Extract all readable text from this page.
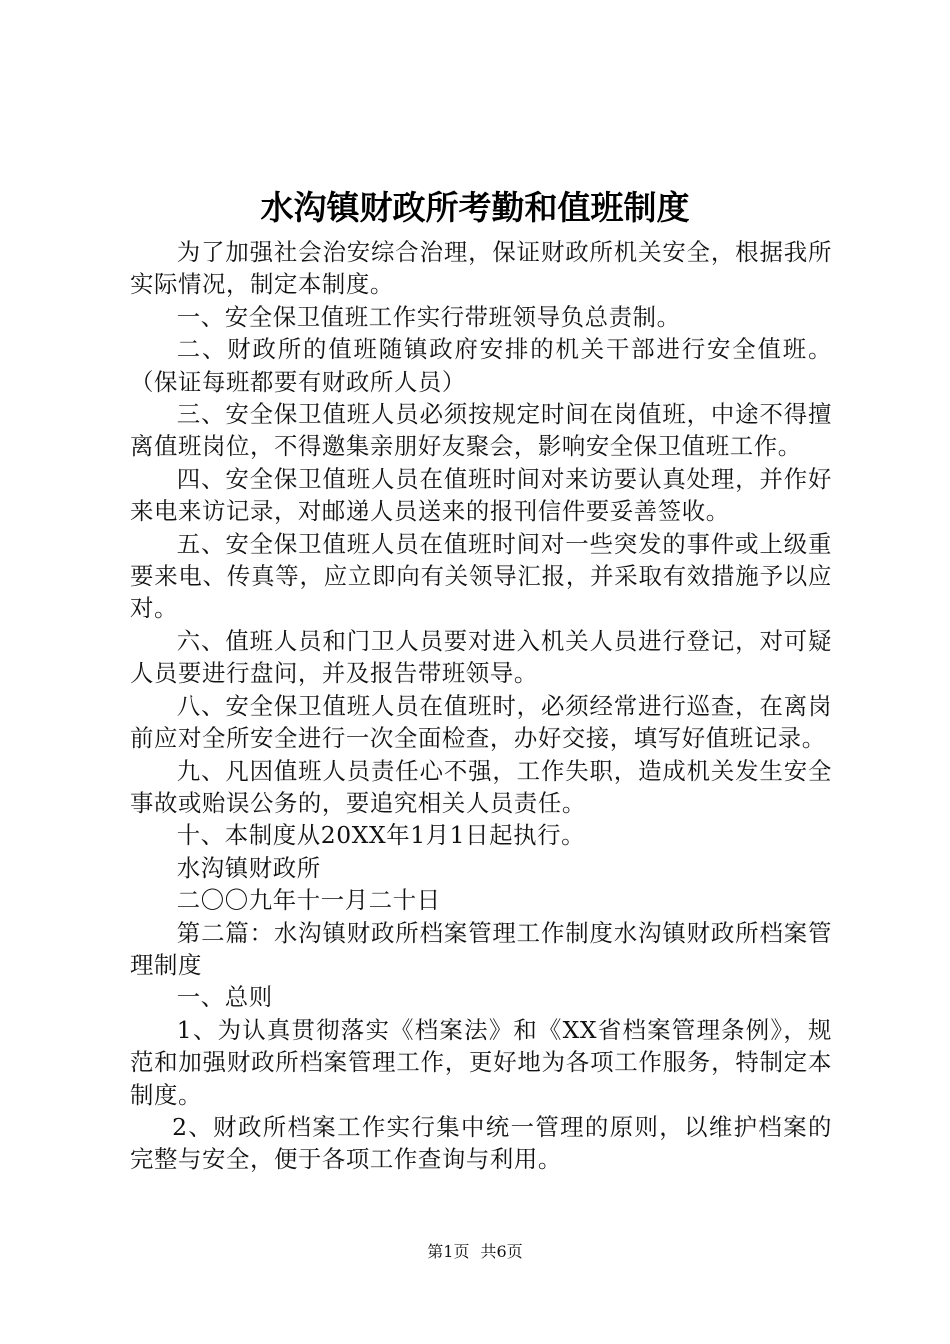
水沟镇财政所考勤和值班制度

为了加强社会治安综合治理，保证财政所机关安全，根据我所实际情况，制定本制度。

一、安全保卫值班工作实行带班领导负总责制。

二、财政所的值班随镇政府安排的机关干部进行安全值班。（保证每班都要有财政所人员）

三、安全保卫值班人员必须按规定时间在岗值班，中途不得擅离值班岗位，不得邀集亲朋好友聚会，影响安全保卫值班工作。

四、安全保卫值班人员在值班时间对来访要认真处理，并作好来电来访记录，对邮递人员送来的报刊信件要妥善签收。

五、安全保卫值班人员在值班时间对一些突发的事件或上级重要来电、传真等，应立即向有关领导汇报，并采取有效措施予以应对。

六、值班人员和门卫人员要对进入机关人员进行登记，对可疑人员要进行盘问，并及报告带班领导。

八、安全保卫值班人员在值班时，必须经常进行巡查，在离岗前应对全所安全进行一次全面检查，办好交接，填写好值班记录。

九、凡因值班人员责任心不强，工作失职，造成机关发生安全事故或贻误公务的，要追究相关人员责任。

十、本制度从20XX年1月1日起执行。

水沟镇财政所

二〇〇九年十一月二十日

第二篇：水沟镇财政所档案管理工作制度水沟镇财政所档案管理制度

一、总则

1、为认真贯彻落实《档案法》和《XX省档案管理条例》，规范和加强财政所档案管理工作，更好地为各项工作服务，特制定本制度。

2、财政所档案工作实行集中统一管理的原则，以维护档案的完整与安全，便于各项工作查询与利用。

第1页 共6页
